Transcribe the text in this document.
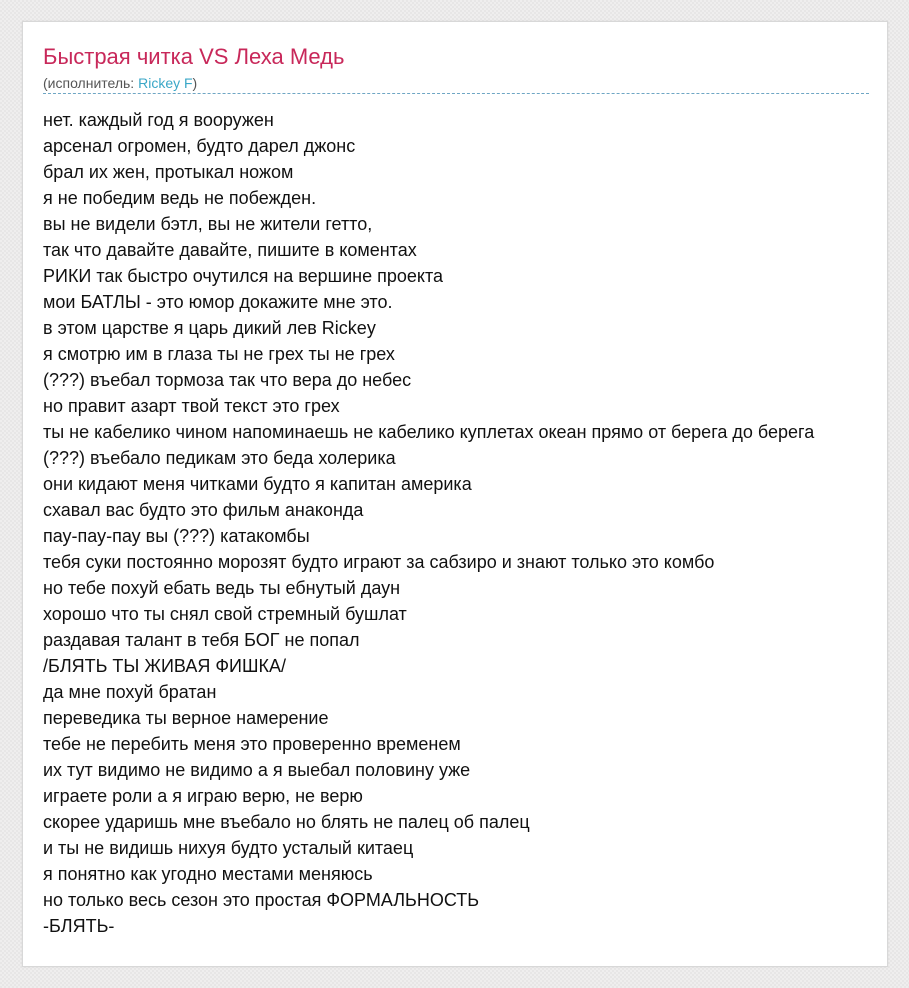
Быстрая читка VS Леха Медь
(исполнитель: Rickey F)
нет. каждый год я вооружен
арсенал огромен, будто дарел джонс
брал их жен, протыкал ножом
я не победим ведь не побежден.
вы не видели бэтл, вы не жители гетто,
так что давайте давайте, пишите в коментах
РИКИ так быстро очутился на вершине проекта
мои БАТЛЫ - это юмор докажите мне это.
в этом царстве я царь дикий лев Rickey
я смотрю им в глаза ты не грех ты не грех
(???) въебал тормоза так что вера до небес
но правит азарт твой текст это грех
ты не кабелико чином напоминаешь не кабелико куплетах океан прямо от берега до берега
(???) въебало педикам это беда холерика
они кидают меня читками будто я капитан америка
схавал вас будто это фильм анаконда
пау-пау-пау вы (???) катакомбы
тебя суки постоянно морозят будто играют за сабзиро и знают только это комбо
но тебе похуй ебать ведь ты ебнутый даун
хорошо что ты снял свой стремный бушлат
раздавая талант в тебя БОГ не попал
/БЛЯТЬ ТЫ ЖИВАЯ ФИШКА/
да мне похуй братан
переведика ты верное намерение
тебе не перебить меня это проверенно временем
их тут видимо не видимо а я выебал половину уже
играете роли а я играю верю, не верю
скорее ударишь мне въебало но блять не палец об палец
и ты не видишь нихуя будто усталый китаец
я понятно как угодно местами меняюсь
но только весь сезон это простая ФОРМАЛЬНОСТЬ
-БЛЯТЬ-
